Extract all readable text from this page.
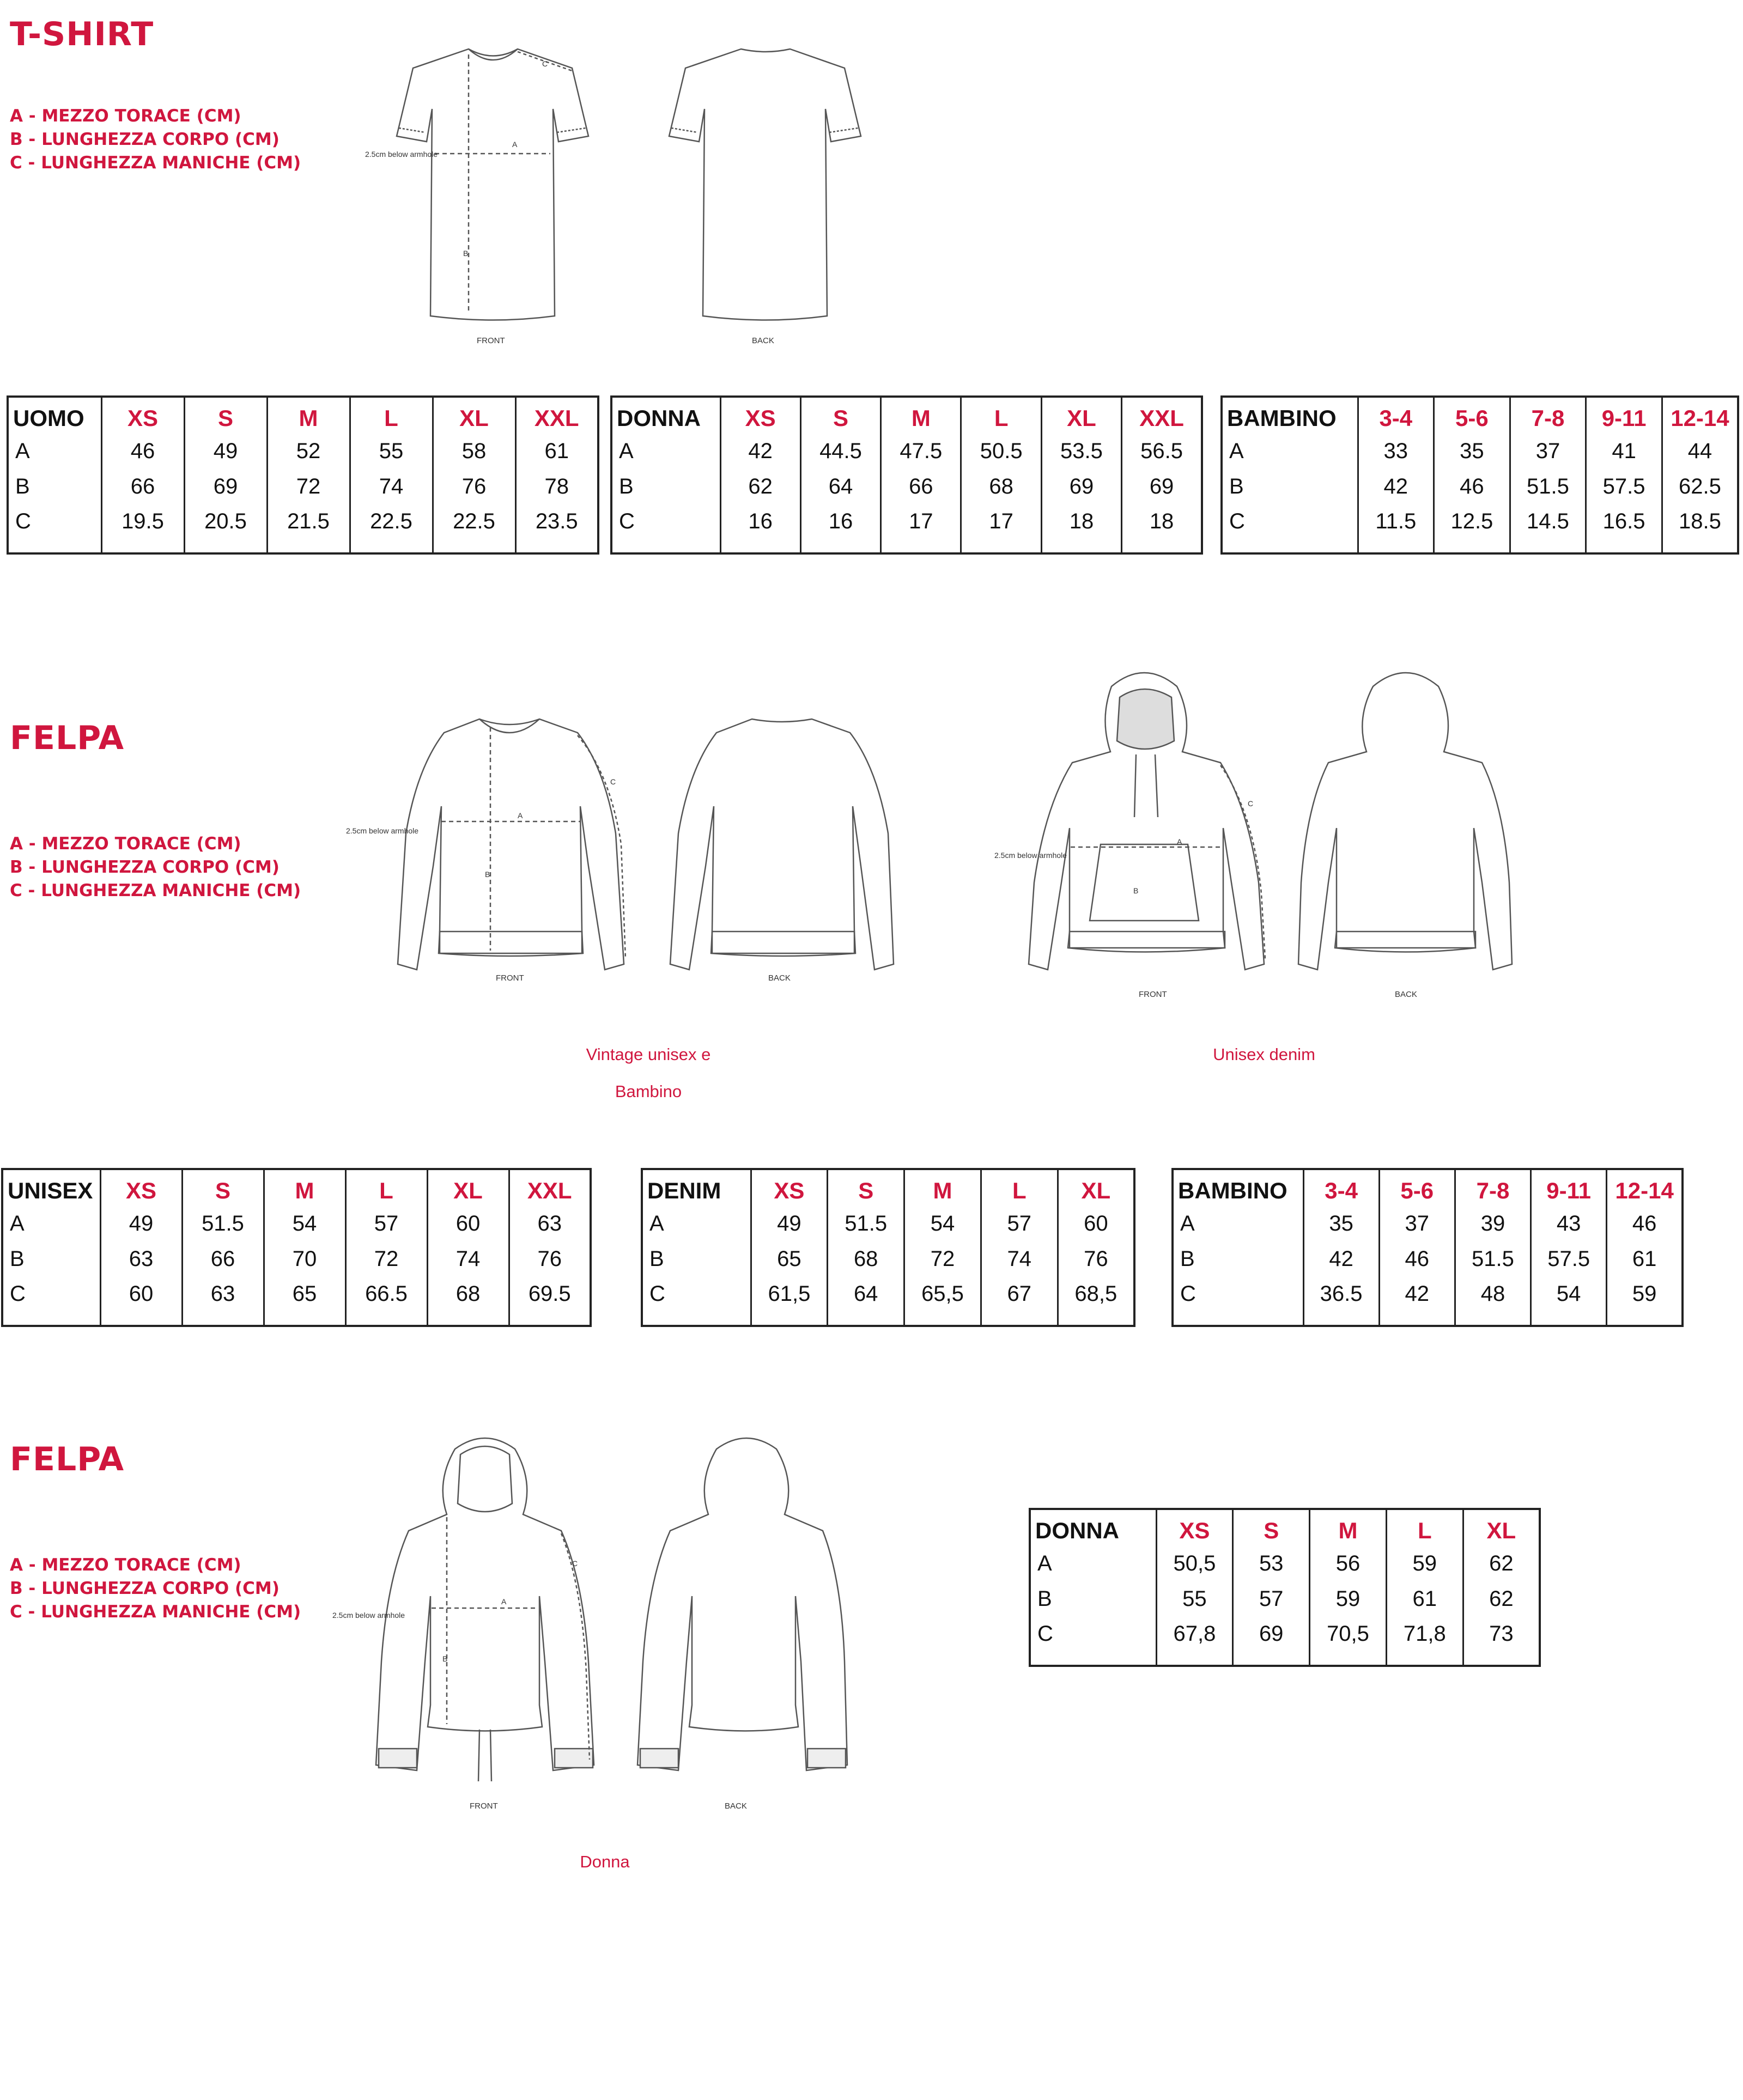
T-SHIRT
A - MEZZO TORACE (CM)
B - LUNGHEZZA CORPO (CM)
C - LUNGHEZZA MANICHE (CM)
A
B
C
2.5cm below armhole
FRONT	BACK
UOMO	XS	S	M	L	XL	XXL
A	46	49	52	55	58	61
B	66	69	72	74	76	78
C	19.5	20.5	21.5	22.5	22.5	23.5
DONNA	XS	S	M	L	XL	XXL
A	42	44.5	47.5	50.5	53.5	56.5
B	62	64	66	68	69	69
C	16	16	17	17	18	18
BAMBINO	3-4	5-6	7-8	9-11	12-14
A	33	35	37	41	44
B	42	46	51.5	57.5	62.5
C	11.5	12.5	14.5	16.5	18.5
FELPA
A - MEZZO TORACE (CM)
B - LUNGHEZZA CORPO (CM)
C - LUNGHEZZA MANICHE (CM)
A
B
C
2.5cm below armhole
FRONT	BACK
A
B
C
2.5cm below armhole
FRONT	BACK
Vintage unisex e
Bambino
Unisex denim
UNISEX	XS	S	M	L	XL	XXL
A	49	51.5	54	57	60	63
B	63	66	70	72	74	76
C	60	63	65	66.5	68	69.5
DENIM	XS	S	M	L	XL
A	49	51.5	54	57	60
B	65	68	72	74	76
C	61,5	64	65,5	67	68,5
BAMBINO	3-4	5-6	7-8	9-11	12-14
A	35	37	39	43	46
B	42	46	51.5	57.5	61
C	36.5	42	48	54	59
FELPA
A - MEZZO TORACE (CM)
B - LUNGHEZZA CORPO (CM)
C - LUNGHEZZA MANICHE (CM)
A
B
C
2.5cm below armhole
FRONT	BACK
Donna
DONNA	XS	S	M	L	XL
A	50,5	53	56	59	62
B	55	57	59	61	62
C	67,8	69	70,5	71,8	73
